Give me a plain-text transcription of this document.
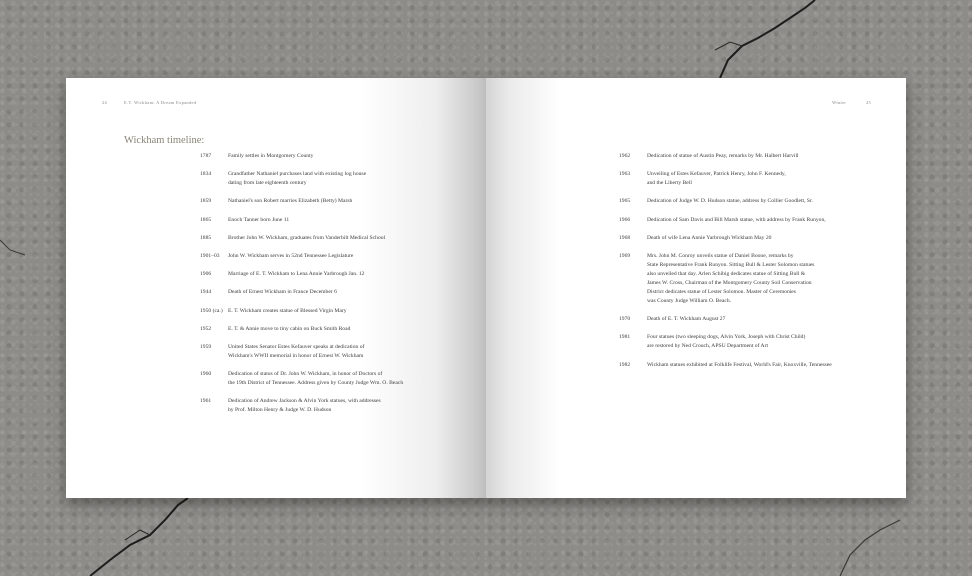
24	E.T. Wickham: A Dream Expanded
Wickham timeline:
1787	Family settles in Montgomery County
1834	Grandfather Nathaniel purchases land with existing log house
dating from late eighteenth century
1859	Nathaniel's son Robert marries Elizabeth (Betty) Marsh
1865	Enoch Tanner born June 11
1885	Brother John W. Wickham, graduates from Vanderbilt Medical School
1901–03 John W. Wickham serves in 52nd Tennessee Legislature
1906	Marriage of E. T. Wickham to Lena Annie Yarbrough Jan. 12
1944	Death of Ernest Wickham in France December 6
1950 (ca.) E. T. Wickham creates statue of Blessed Virgin Mary
1952	E. T. & Annie move to tiny cabin on Buck Smith Road
1959	United States Senator Estes Kefauver speaks at dedication of
Wickham's WWII memorial in honor of Ernest W. Wickham
1960	Dedication of status of Dr. John W. Wickham, in honor of Doctors of
the 19th District of Tennessee. Address given by County Judge Wm. O. Beach
1961	Dedication of Andrew Jackson & Alvin York statues, with addresses
by Prof. Milton Henry & Judge W. D. Hudson
Winter	25
1962	Dedication of statue of Austin Peay, remarks by Mr. Halbert Harvill
1963	Unveiling of Estes Kefauver, Patrick Henry, John F. Kennedy,
and the Liberty Bell
1965	Dedication of Judge W. D. Hudson statue, address by Collier Goodlett, Sr.
1966	Dedication of Sam Davis and Bill Marsh statue, with address by Frank Runyon,
1968	Death of wife Lena Annie Yarbrough Wickham May 20
1969	Mrs. John M. Conroy unveils statue of Daniel Boone, remarks by
State Representative Frank Runyon. Sitting Bull & Lester Solomon statues
also unveiled that day. Arlen Schibig dedicates statue of Sitting Bull &
James W. Cross, Chairman of the Montgomery County Soil Conservation
District dedicates statue of Lester Solomon. Master of Ceremonies
was County Judge William O. Beach.
1970	Death of E. T. Wickham August 27
1981	Four statues (two sleeping dogs, Alvin York, Joseph with Christ Child)
are restored by Ned Crouch, APSU Department of Art
1982	Wickham statues exhibited at Folklife Festival, World's Fair, Knoxville, Tennessee
